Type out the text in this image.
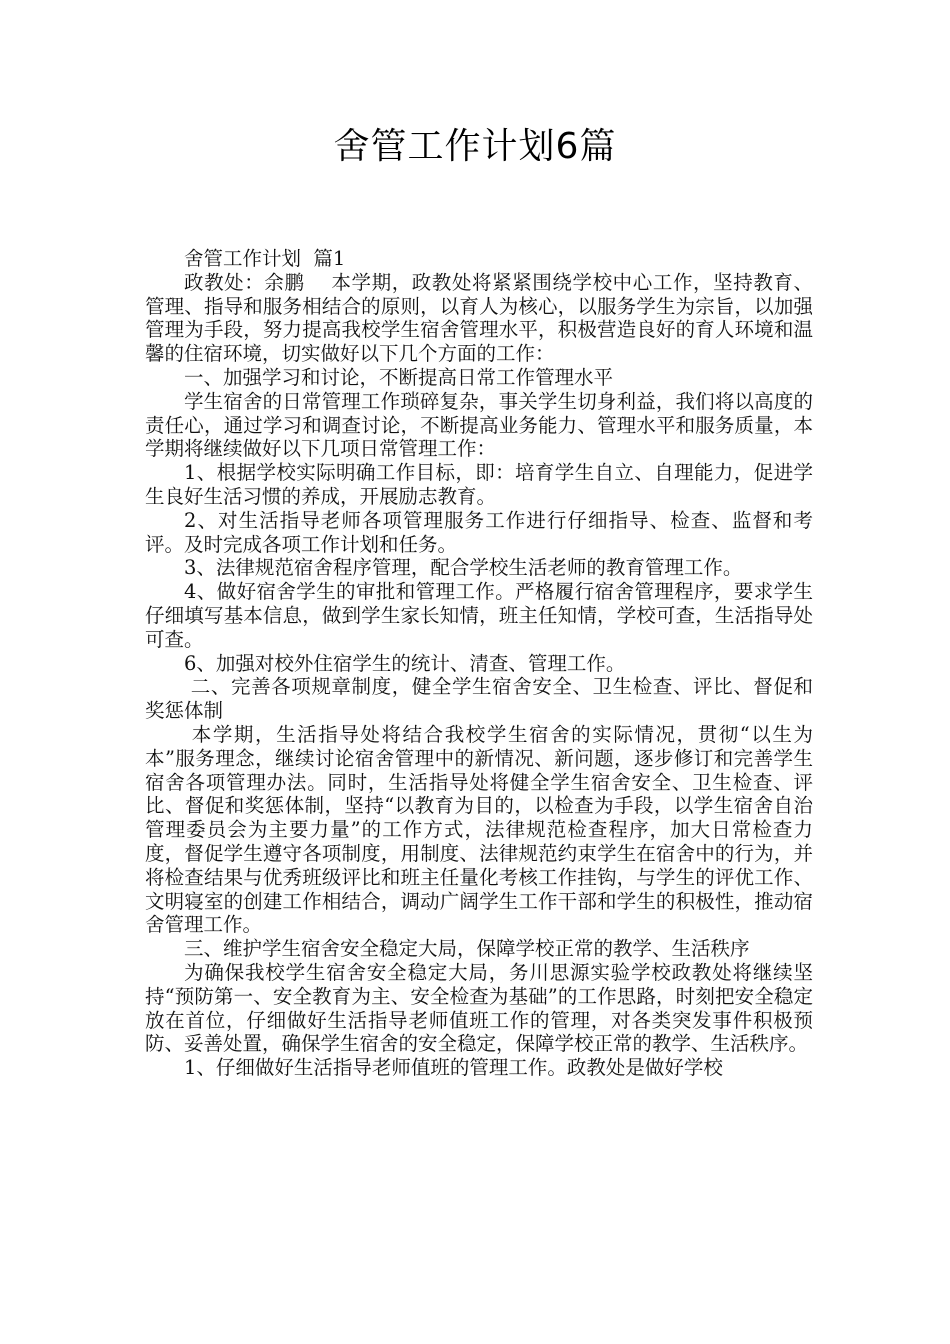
舍管工作计划6篇

舍管工作计划  篇1

政教处：余鹏　 本学期，政教处将紧紧围绕学校中心工作，坚持教育、管理、指导和服务相结合的原则，以育人为核心，以服务学生为宗旨，以加强管理为手段，努力提高我校学生宿舍管理水平，积极营造良好的育人环境和温馨的住宿环境，切实做好以下几个方面的工作：

一、加强学习和讨论，不断提高日常工作管理水平

学生宿舍的日常管理工作琐碎复杂，事关学生切身利益，我们将以高度的责任心，通过学习和调查讨论，不断提高业务能力、管理水平和服务质量，本学期将继续做好以下几项日常管理工作：

1、根据学校实际明确工作目标，即：培育学生自立、自理能力，促进学生良好生活习惯的养成，开展励志教育。

2、对生活指导老师各项管理服务工作进行仔细指导、检查、监督和考评。及时完成各项工作计划和任务。

3、法律规范宿舍程序管理，配合学校生活老师的教育管理工作。

4、做好宿舍学生的审批和管理工作。严格履行宿舍管理程序，要求学生仔细填写基本信息，做到学生家长知情，班主任知情，学校可查，生活指导处可查。

6、加强对校外住宿学生的统计、清查、管理工作。

二、完善各项规章制度，健全学生宿舍安全、卫生检查、评比、督促和奖惩体制

本学期，生活指导处将结合我校学生宿舍的实际情况，贯彻“以生为本”服务理念，继续讨论宿舍管理中的新情况、新问题，逐步修订和完善学生宿舍各项管理办法。同时，生活指导处将健全学生宿舍安全、卫生检查、评比、督促和奖惩体制，坚持“以教育为目的，以检查为手段，以学生宿舍自治管理委员会为主要力量”的工作方式，法律规范检查程序，加大日常检查力度，督促学生遵守各项制度，用制度、法律规范约束学生在宿舍中的行为，并将检查结果与优秀班级评比和班主任量化考核工作挂钩，与学生的评优工作、文明寝室的创建工作相结合，调动广阔学生工作干部和学生的积极性，推动宿舍管理工作。

三、维护学生宿舍安全稳定大局，保障学校正常的教学、生活秩序

为确保我校学生宿舍安全稳定大局，务川思源实验学校政教处将继续坚持“预防第一、安全教育为主、安全检查为基础”的工作思路，时刻把安全稳定放在首位，仔细做好生活指导老师值班工作的管理，对各类突发事件积极预防、妥善处置，确保学生宿舍的安全稳定，保障学校正常的教学、生活秩序。

1、仔细做好生活指导老师值班的管理工作。政教处是做好学校
